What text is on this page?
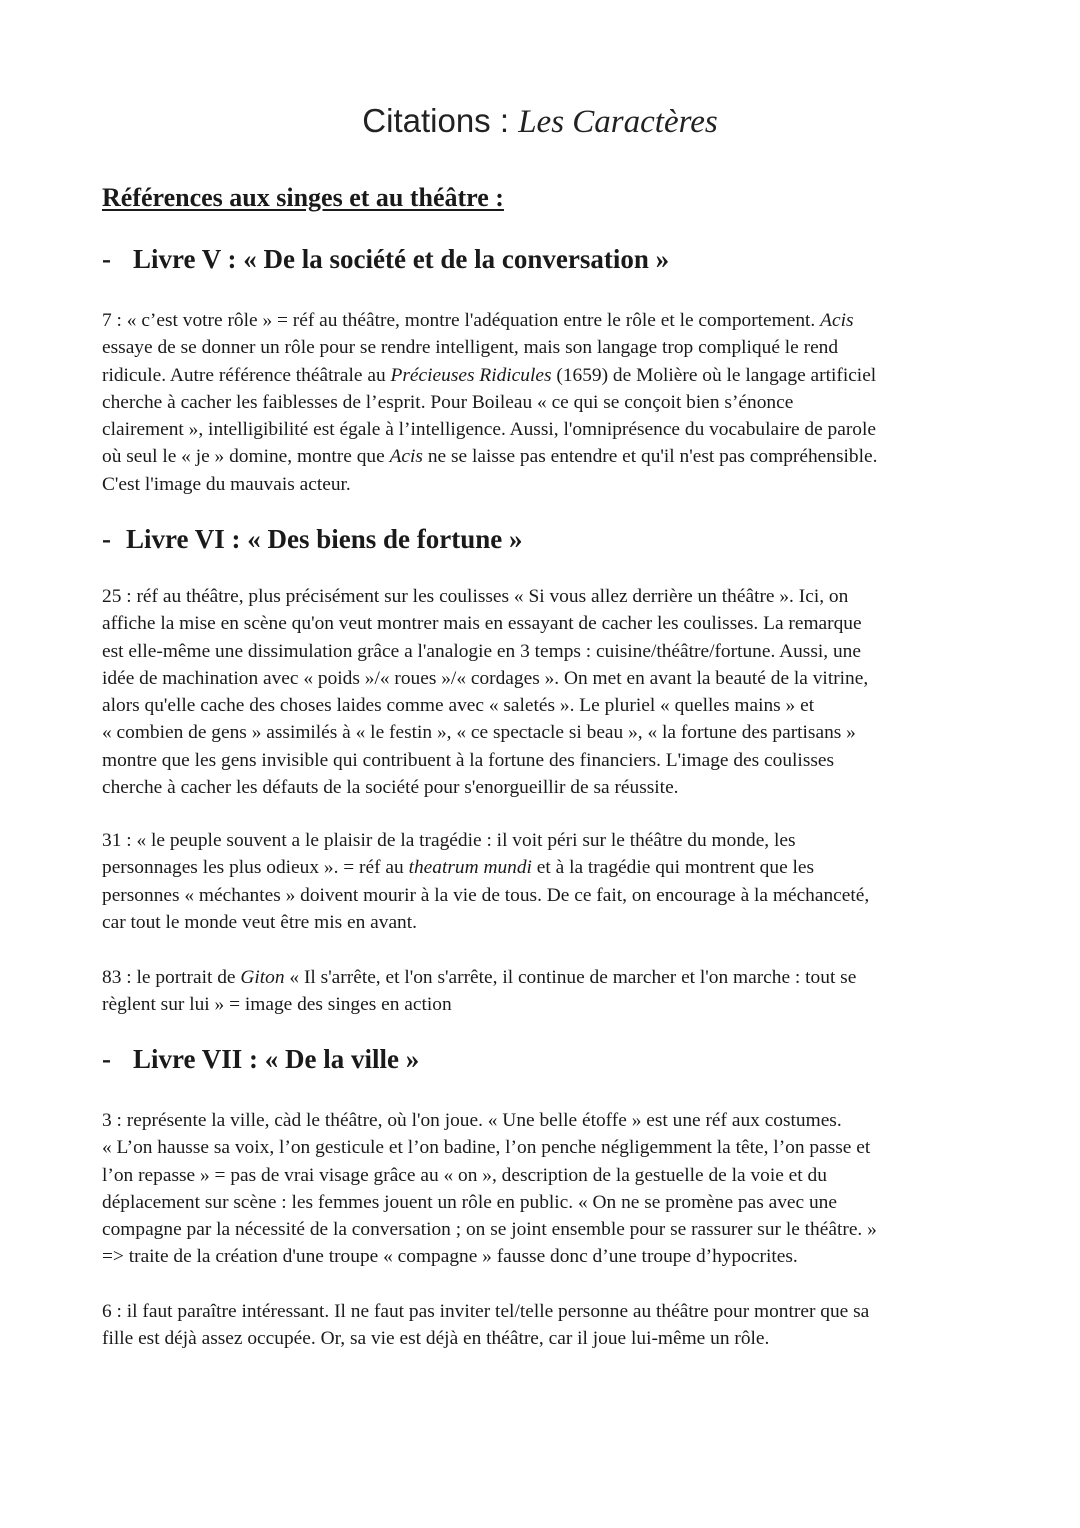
Citations : Les Caractères
Références aux singes et au théâtre :
- Livre V : « De la société et de la conversation »
7 : « c’est votre rôle » = réf au théâtre, montre l'adéquation entre le rôle et le comportement. Acis
essaye de se donner un rôle pour se rendre intelligent, mais son langage trop compliqué le rend
ridicule. Autre référence théâtrale au Précieuses Ridicules (1659) de Molière où le langage artificiel
cherche à cacher les faiblesses de l’esprit. Pour Boileau « ce qui se conçoit bien s’énonce
clairement », intelligibilité est égale à l’intelligence. Aussi, l'omniprésence du vocabulaire de parole
où seul le « je » domine, montre que Acis ne se laisse pas entendre et qu'il n'est pas compréhensible.
C'est l'image du mauvais acteur.
- Livre VI : « Des biens de fortune »
25 : réf au théâtre, plus précisément sur les coulisses « Si vous allez derrière un théâtre ». Ici, on
affiche la mise en scène qu'on veut montrer mais en essayant de cacher les coulisses. La remarque
est elle-même une dissimulation grâce a l'analogie en 3 temps : cuisine/théâtre/fortune. Aussi, une
idée de machination avec « poids »/« roues »/« cordages ». On met en avant la beauté de la vitrine,
alors qu'elle cache des choses laides comme avec « saletés ». Le pluriel « quelles mains » et
« combien de gens » assimilés à « le festin », « ce spectacle si beau », « la fortune des partisans »
montre que les gens invisible qui contribuent à la fortune des financiers. L'image des coulisses
cherche à cacher les défauts de la société pour s'enorgueillir de sa réussite.
31 : « le peuple souvent a le plaisir de la tragédie : il voit péri sur le théâtre du monde, les
personnages les plus odieux ». = réf au theatrum mundi et à la tragédie qui montrent que les
personnes « méchantes » doivent mourir à la vie de tous. De ce fait, on encourage à la méchanceté,
car tout le monde veut être mis en avant.
83 : le portrait de Giton « Il s'arrête, et l'on s'arrête, il continue de marcher et l'on marche : tout se
règlent sur lui » = image des singes en action
- Livre VII : « De la ville »
3 : représente la ville, càd le théâtre, où l'on joue. « Une belle étoffe » est une réf aux costumes.
« L’on hausse sa voix, l’on gesticule et l’on badine, l’on penche négligemment la tête, l’on passe et
l’on repasse » = pas de vrai visage grâce au « on », description de la gestuelle de la voie et du
déplacement sur scène : les femmes jouent un rôle en public. « On ne se promène pas avec une
compagne par la nécessité de la conversation ; on se joint ensemble pour se rassurer sur le théâtre. »
=> traite de la création d'une troupe « compagne » fausse donc d’une troupe d’hypocrites.
6 : il faut paraître intéressant. Il ne faut pas inviter tel/telle personne au théâtre pour montrer que sa
fille est déjà assez occupée. Or, sa vie est déjà en théâtre, car il joue lui-même un rôle.
